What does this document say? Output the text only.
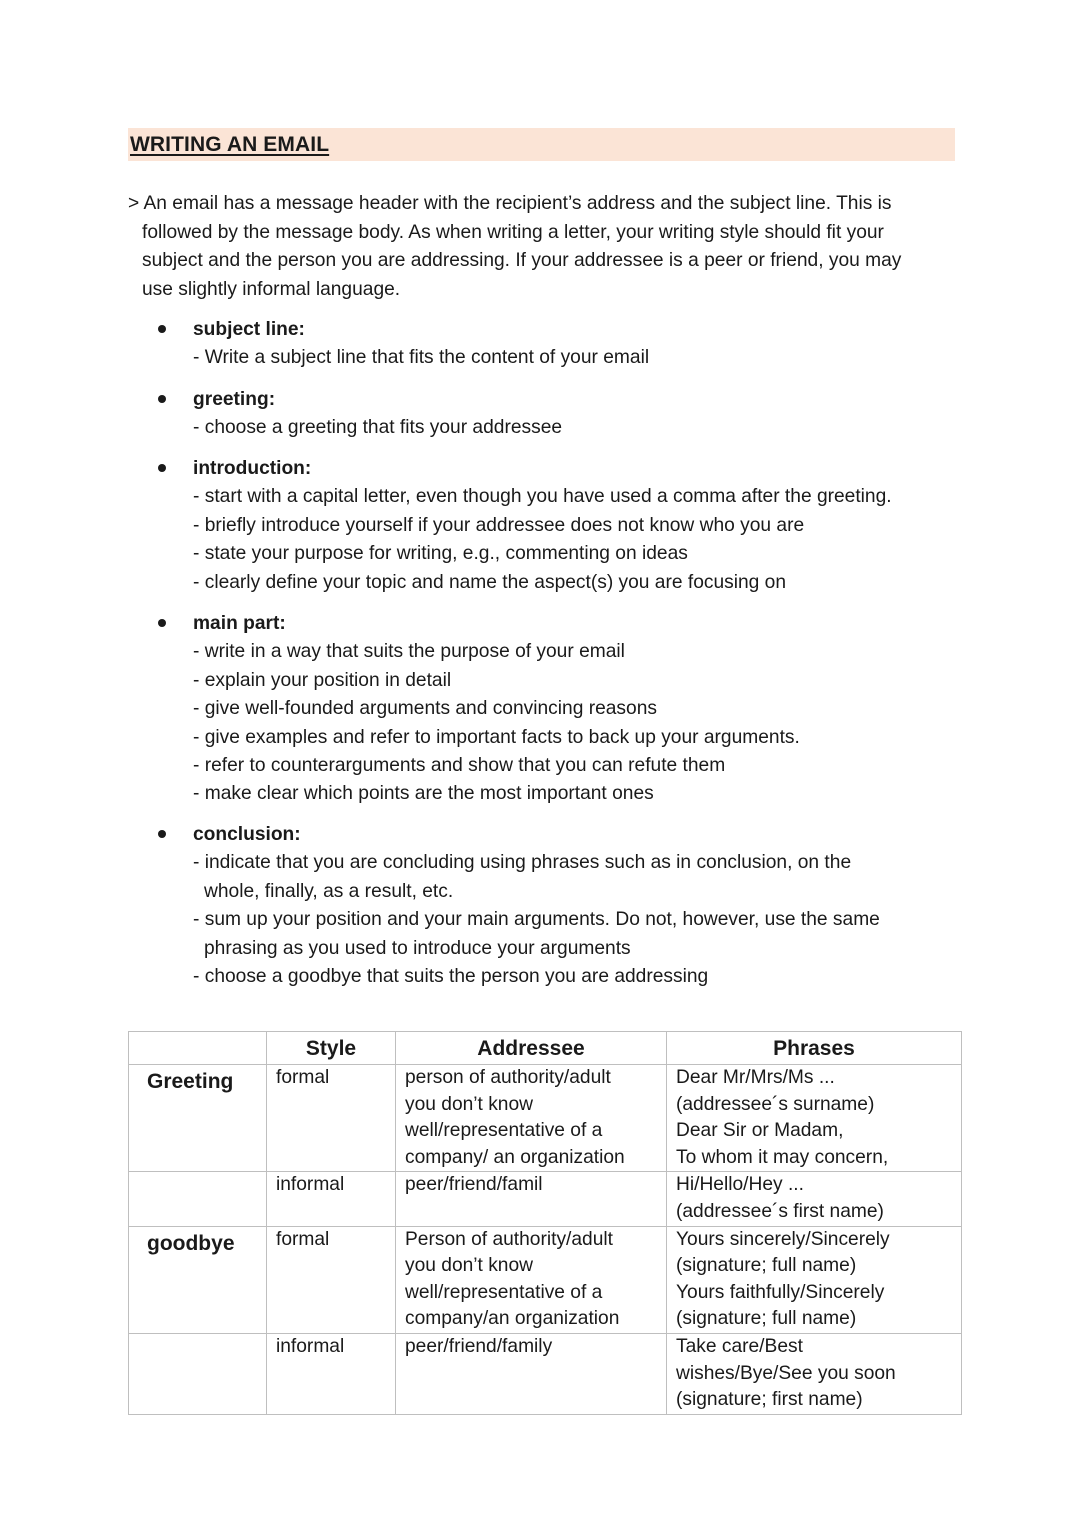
WRITING AN EMAIL
> An email has a message header with the recipient’s address and the subject line. This is
followed by the message body. As when writing a letter, your writing style should fit your
subject and the person you are addressing. If your addressee is a peer or friend, you may
use slightly informal language.
subject line:
- Write a subject line that fits the content of your email
greeting:
- choose a greeting that fits your addressee
introduction:
- start with a capital letter, even though you have used a comma after the greeting.
- briefly introduce yourself if your addressee does not know who you are
- state your purpose for writing, e.g., commenting on ideas
- clearly define your topic and name the aspect(s) you are focusing on
main part:
- write in a way that suits the purpose of your email
- explain your position in detail
- give well-founded arguments and convincing reasons
- give examples and refer to important facts to back up your arguments.
- refer to counterarguments and show that you can refute them
- make clear which points are the most important ones
conclusion:
- indicate that you are concluding using phrases such as in conclusion, on the
whole, finally, as a result, etc.
- sum up your position and your main arguments. Do not, however, use the same
phrasing as you used to introduce your arguments
- choose a goodbye that suits the person you are addressing
	Style	Addressee	Phrases
Greeting	formal	person of authority/adult
you don’t know
well/representative of a
company/ an organization	Dear Mr/Mrs/Ms ...
(addressee´s surname)
Dear Sir or Madam,
To whom it may concern,

	informal	peer/friend/famil	Hi/Hello/Hey ...
(addressee´s first name)

goodbye	formal	Person of authority/adult
you don’t know
well/representative of a
company/an organization	Yours sincerely/Sincerely
(signature; full name)
Yours faithfully/Sincerely
(signature; full name)

	informal	peer/friend/family	Take care/Best
wishes/Bye/See you soon
(signature; first name)
